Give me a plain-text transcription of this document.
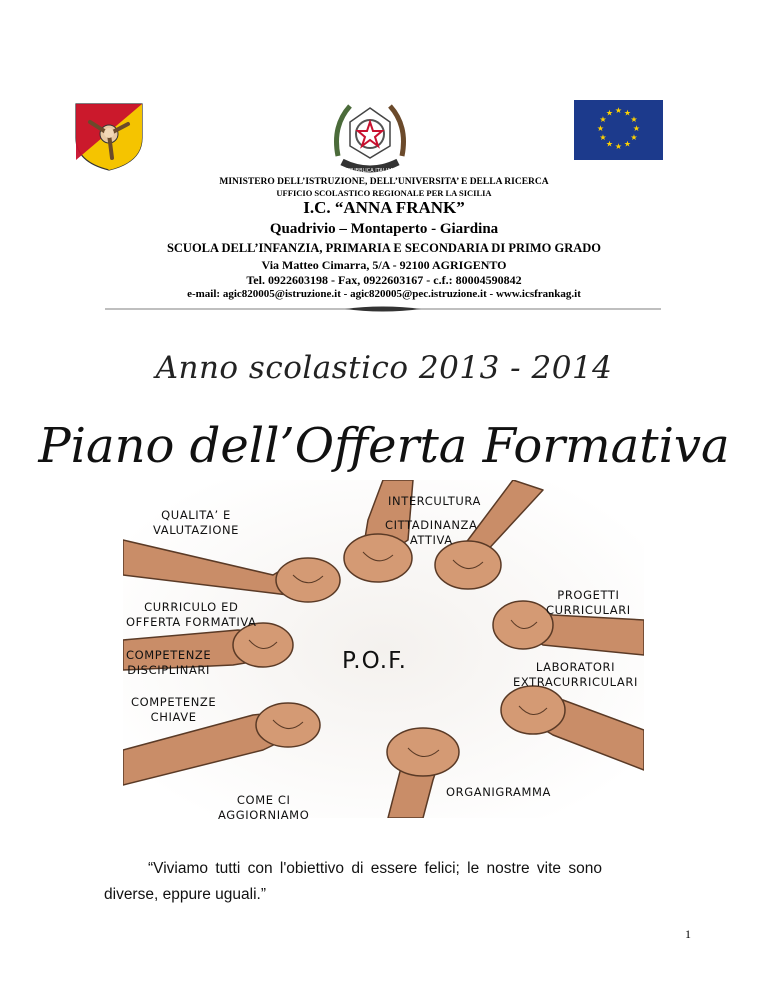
REPUBBLICA ITALIANA
★ ★
★
★
★
★
★
★
★
★
★
★
MINISTERO DELL’ISTRUZIONE, DELL’UNIVERSITA’ E DELLA RICERCA
UFFICIO SCOLASTICO REGIONALE PER LA SICILIA
I.C. “ANNA FRANK”
Quadrivio – Montaperto - Giardina
SCUOLA DELL’INFANZIA, PRIMARIA E SECONDARIA DI PRIMO GRADO
Via Matteo Cimarra, 5/A - 92100 AGRIGENTO
Tel. 0922603198 - Fax, 0922603167 - c.f.: 80004590842
e-mail: agic820005@istruzione.it - agic820005@pec.istruzione.it - www.icsfrankag.it
Anno scolastico 2013 - 2014
Piano dell’Offerta Formativa
QUALITA’ E
VALUTAZIONE
INTERCULTURA
CITTADINANZA
ATTIVA
PROGETTI
CURRICULARI
CURRICULO ED
OFFERTA FORMATIVA
COMPETENZE
DISCIPLINARI	P.O.F.	LABORATORI
EXTRACURRICULARI
COMPETENZE
CHIAVE
ORGANIGRAMMA
COME CI
AGGIORNIAMO
“Viviamo tutti con l'obiettivo di essere felici; le nostre vite sono
diverse, eppure uguali.”
1
